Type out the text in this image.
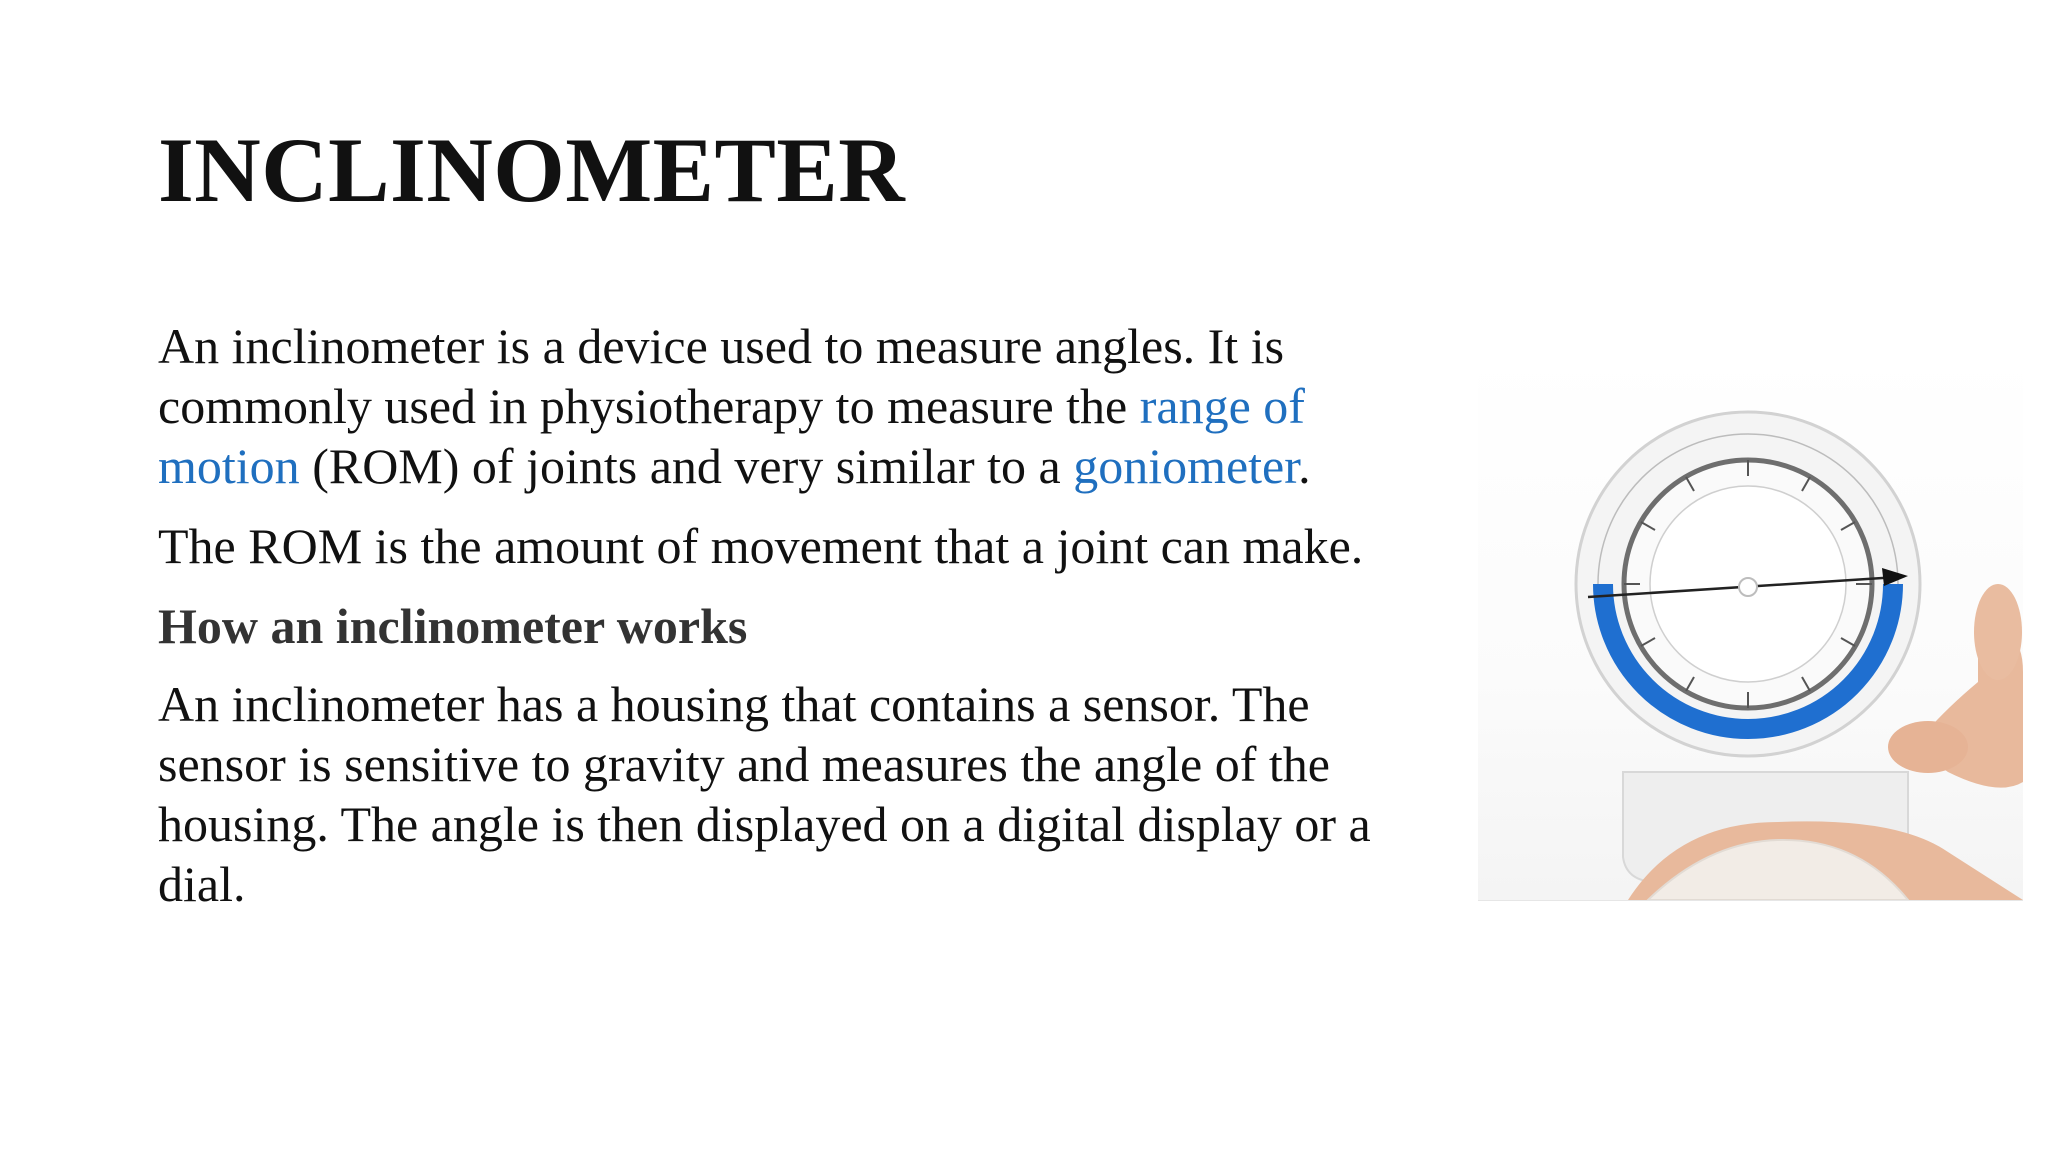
INCLINOMETER

An inclinometer is a device used to measure angles. It is commonly used in physiotherapy to measure the range of motion (ROM) of joints and very similar to a goniometer.

The ROM is the amount of movement that a joint can make.

How an inclinometer works

An inclinometer has a housing that contains a sensor. The sensor is sensitive to gravity and measures the angle of the housing. The angle is then displayed on a digital display or a dial.
